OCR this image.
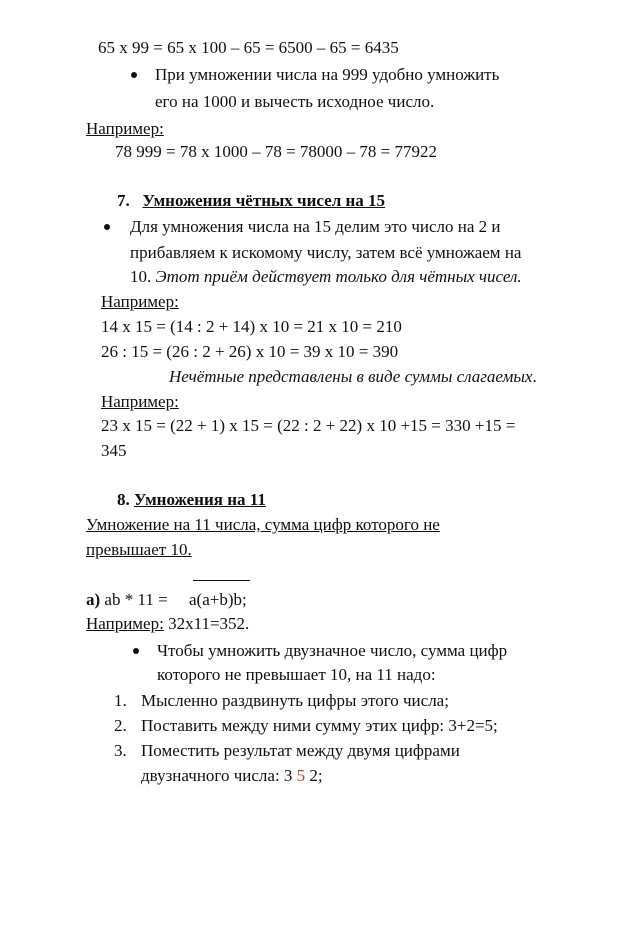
65 x 99 = 65 x 100 – 65 = 6500 – 65 = 6435
При умножении числа на 999 удобно умножить
его на 1000 и вычесть исходное число.
Например:
78 999 = 78 x 1000 – 78 = 78000 – 78 = 77922
7. Умножения чётных чисел на 15
Для умножения числа на 15 делим это число на 2 и
прибавляем к искомому числу, затем всё умножаем на
10. Этот приём действует только для чётных чисел.
Например:
14 x 15 = (14 : 2 + 14) x 10 = 21 x 10 = 210
26 : 15 = (26 : 2 + 26) x 10 = 39 x 10 = 390
Нечётные представлены в виде суммы слагаемых.
Например:
23 x 15 = (22 + 1) x 15 = (22 : 2 + 22) x 10 +15 = 330 +15 =
345
8. Умножения на 11
Умножение на 11 числа, сумма цифр которого не
превышает 10.
а) ab * 11 = a(a+b)b;
Например: 32x11=352.
Чтобы умножить двузначное число, сумма цифр
которого не превышает 10, на 11 надо:
1. Мысленно раздвинуть цифры этого числа;
2. Поставить между ними сумму этих цифр: 3+2=5;
3. Поместить результат между двумя цифрами
двузначного числа: 3 5 2;
